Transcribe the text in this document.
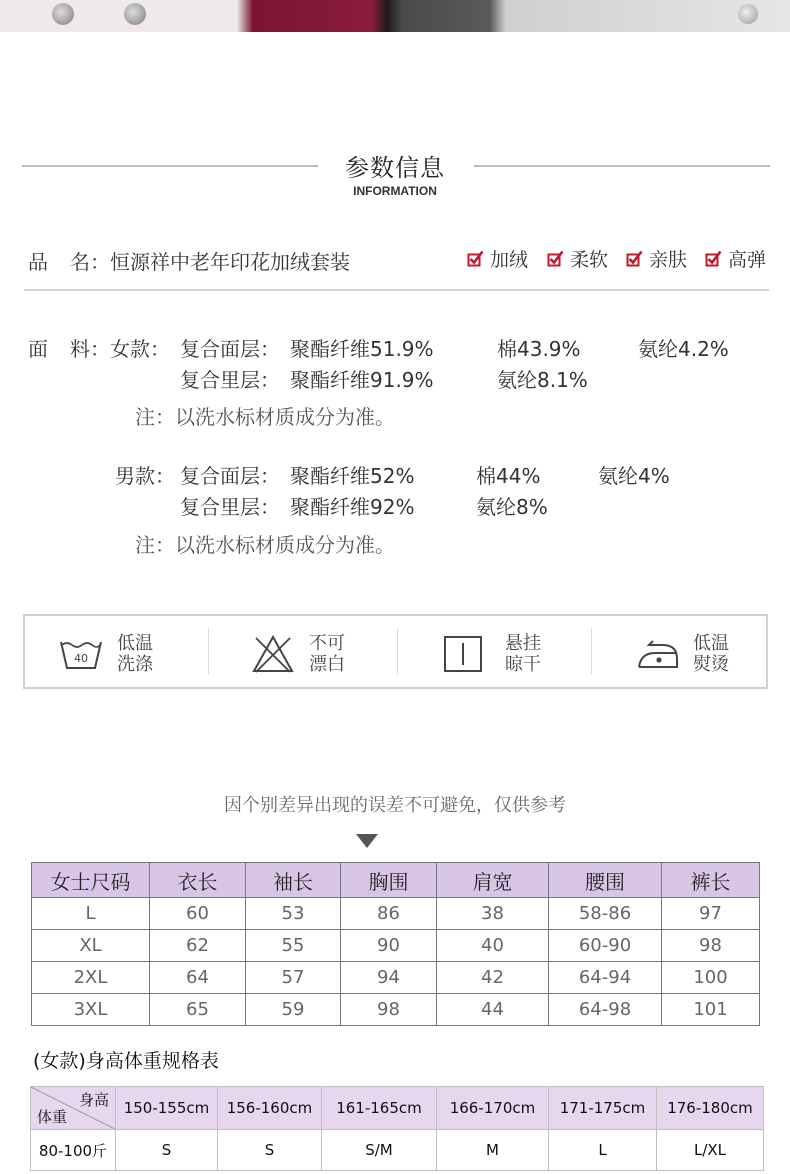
参数信息
INFORMATION
品 名：恒源祥中老年印花加绒套装	加绒 柔软 亲肤 高弹
面 料：女款： 复合面层： 聚酯纤维51.9%	棉43.9%	氨纶4.2%
复合里层： 聚酯纤维91.9%	氨纶8.1%
注：以洗水标材质成分为准。
男款： 复合面层： 聚酯纤维52%	棉44%	氨纶4%
复合里层： 聚酯纤维92%	氨纶8%
注：以洗水标材质成分为准。
40
低温
洗涤
不可
漂白
悬挂
晾干
低温
熨烫
因个别差异出现的误差不可避免，仅供参考
女士尺码	衣长	袖长	胸围	肩宽	腰围	裤长
L	60	53	86	38	58-86	97
XL	62	55	90	40	60-90	98
2XL	64	57	94	42	64-94	100
3XL	65	59	98	44	64-98	101
(女款)身高体重规格表
身高
体重	150-155cm	156-160cm	161-165cm	166-170cm	171-175cm	176-180cm
80-100斤	S	S	S/M	M	L	L/XL
